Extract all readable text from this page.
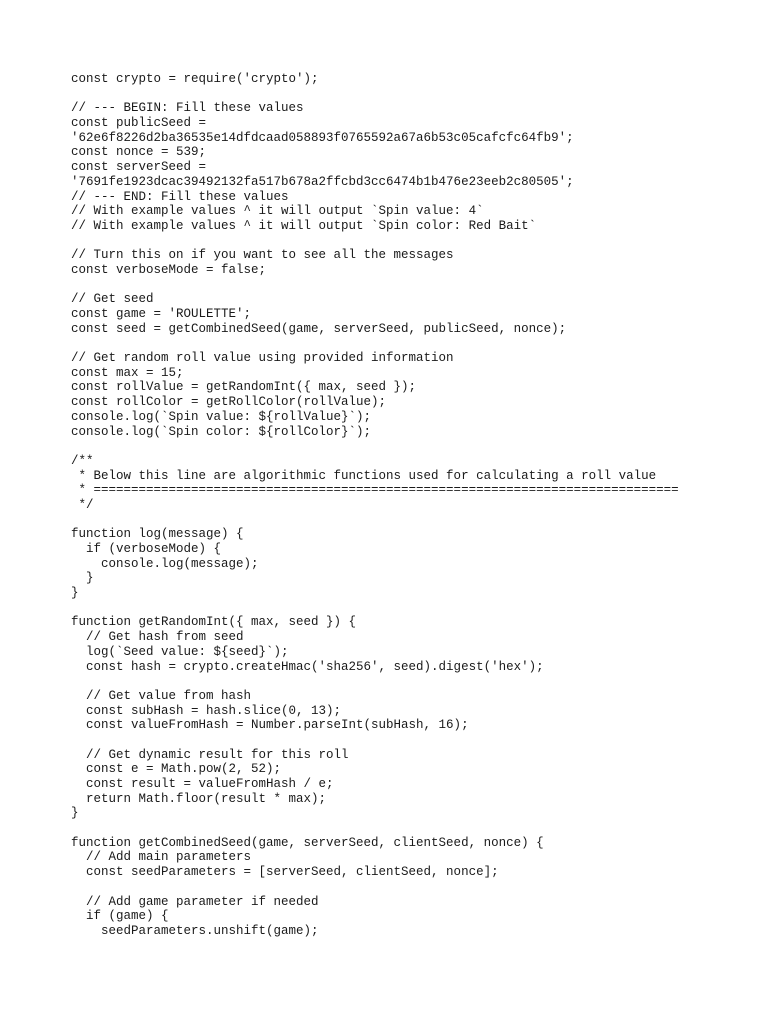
const crypto = require('crypto');
// --- BEGIN: Fill these values
const publicSeed =
'62e6f8226d2ba36535e14dfdcaad058893f0765592a67a6b53c05cafcfc64fb9';
const nonce = 539;
const serverSeed =
'7691fe1923dcac39492132fa517b678a2ffcbd3cc6474b1b476e23eeb2c80505';
// --- END: Fill these values
// With example values ^ it will output `Spin value: 4`
// With example values ^ it will output `Spin color: Red Bait`
// Turn this on if you want to see all the messages
const verboseMode = false;
// Get seed
const game = 'ROULETTE';
const seed = getCombinedSeed(game, serverSeed, publicSeed, nonce);
// Get random roll value using provided information
const max = 15;
const rollValue = getRandomInt({ max, seed });
const rollColor = getRollColor(rollValue);
console.log(`Spin value: ${rollValue}`);
console.log(`Spin color: ${rollColor}`);
/**
* Below this line are algorithmic functions used for calculating a roll value
* ==============================================================================
*/
function log(message) {
if (verboseMode) {
console.log(message);
}
}
function getRandomInt({ max, seed }) {
// Get hash from seed
log(`Seed value: ${seed}`);
const hash = crypto.createHmac('sha256', seed).digest('hex');
// Get value from hash
const subHash = hash.slice(0, 13);
const valueFromHash = Number.parseInt(subHash, 16);
// Get dynamic result for this roll
const e = Math.pow(2, 52);
const result = valueFromHash / e;
return Math.floor(result * max);
}
function getCombinedSeed(game, serverSeed, clientSeed, nonce) {
// Add main parameters
const seedParameters = [serverSeed, clientSeed, nonce];
// Add game parameter if needed
if (game) {
seedParameters.unshift(game);
